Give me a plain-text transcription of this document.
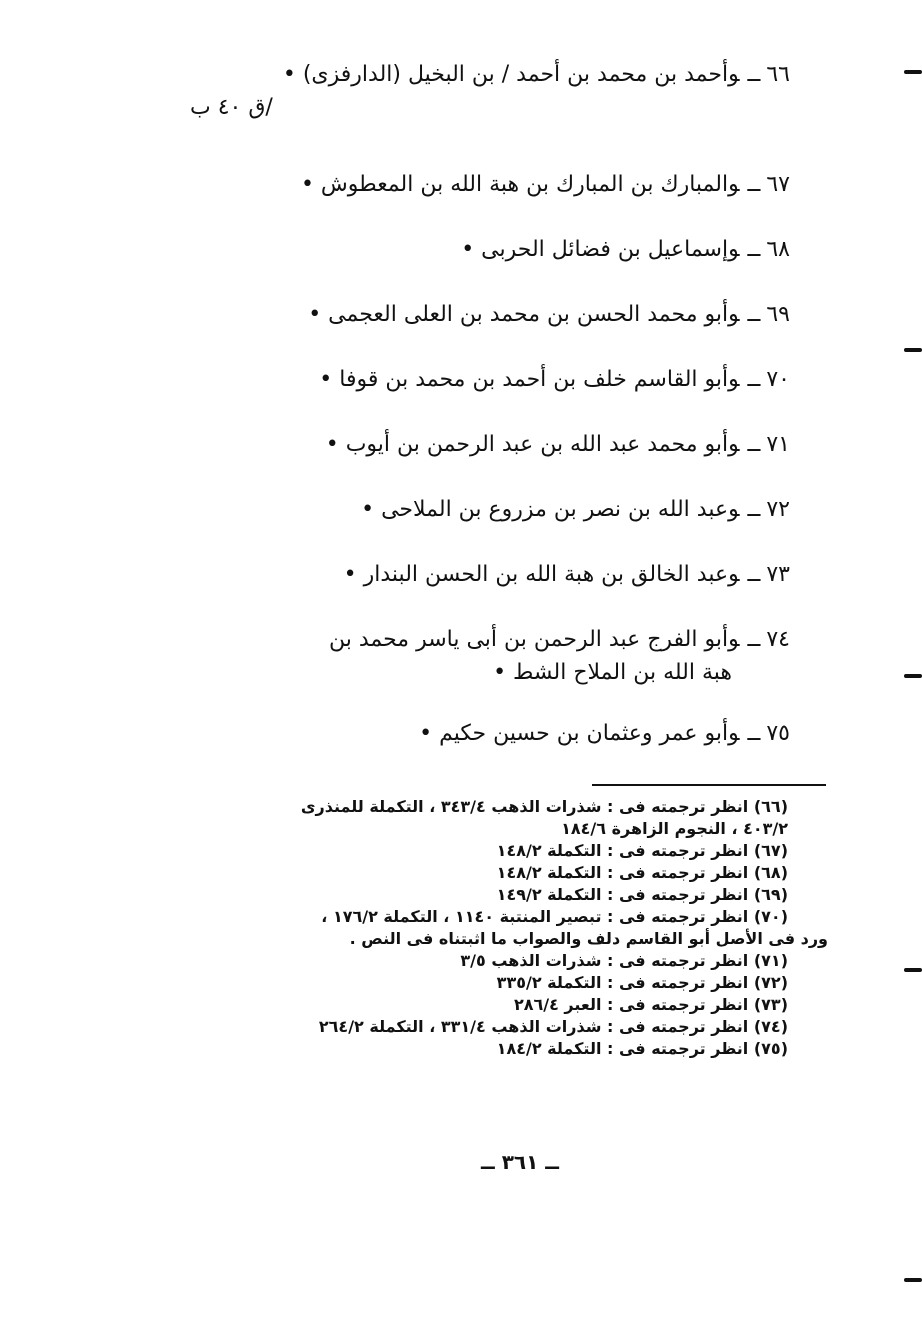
٦٦ــوأحمد بن محمد بن أحمد / بن البخيل (الدارفزى) •
/ق ٤٠ ب

٦٧ــوالمبارك بن المبارك بن هبة الله بن المعطوش •

٦٨ــوإسماعيل بن فضائل الحربى •

٦٩ــوأبو محمد الحسن بن محمد بن العلى العجمى •

٧٠ــوأبو القاسم خلف بن أحمد بن محمد بن قوفا •

٧١ــوأبو محمد عبد الله بن عبد الرحمن بن أيوب •

٧٢ــوعبد الله بن نصر بن مزروع بن الملاحى •

٧٣ــوعبد الخالق بن هبة الله بن الحسن البندار •

٧٤ــوأبو الفرج عبد الرحمن بن أبى ياسر محمد بن
هبة الله بن الملاح الشط •

٧٥ــوأبو عمر وعثمان بن حسين حكيم •

(٦٦) انظر ترجمته فى : شذرات الذهب ٣٤٣/٤ ، التكملة للمنذرى

٤٠٣/٢ ، النجوم الزاهرة ١٨٤/٦

(٦٧) انظر ترجمته فى : التكملة ١٤٨/٢

(٦٨) انظر ترجمته فى : التكملة ١٤٨/٢

(٦٩) انظر ترجمته فى : التكملة ١٤٩/٢

(٧٠) انظر ترجمته فى : تبصير المنتبة ١١٤٠ ، التكملة ١٧٦/٢ ،

ورد فى الأصل أبو القاسم دلف والصواب ما اثبتناه فى النص .

(٧١) انظر ترجمته فى : شذرات الذهب ٣/٥

(٧٢) انظر ترجمته فى : التكملة ٣٣٥/٢

(٧٣) انظر ترجمته فى : العبر ٢٨٦/٤

(٧٤) انظر ترجمته فى : شذرات الذهب ٣٣١/٤ ، التكملة ٢٦٤/٢

(٧٥) انظر ترجمته فى : التكملة ١٨٤/٢

ــ ٣٦١ ــ
